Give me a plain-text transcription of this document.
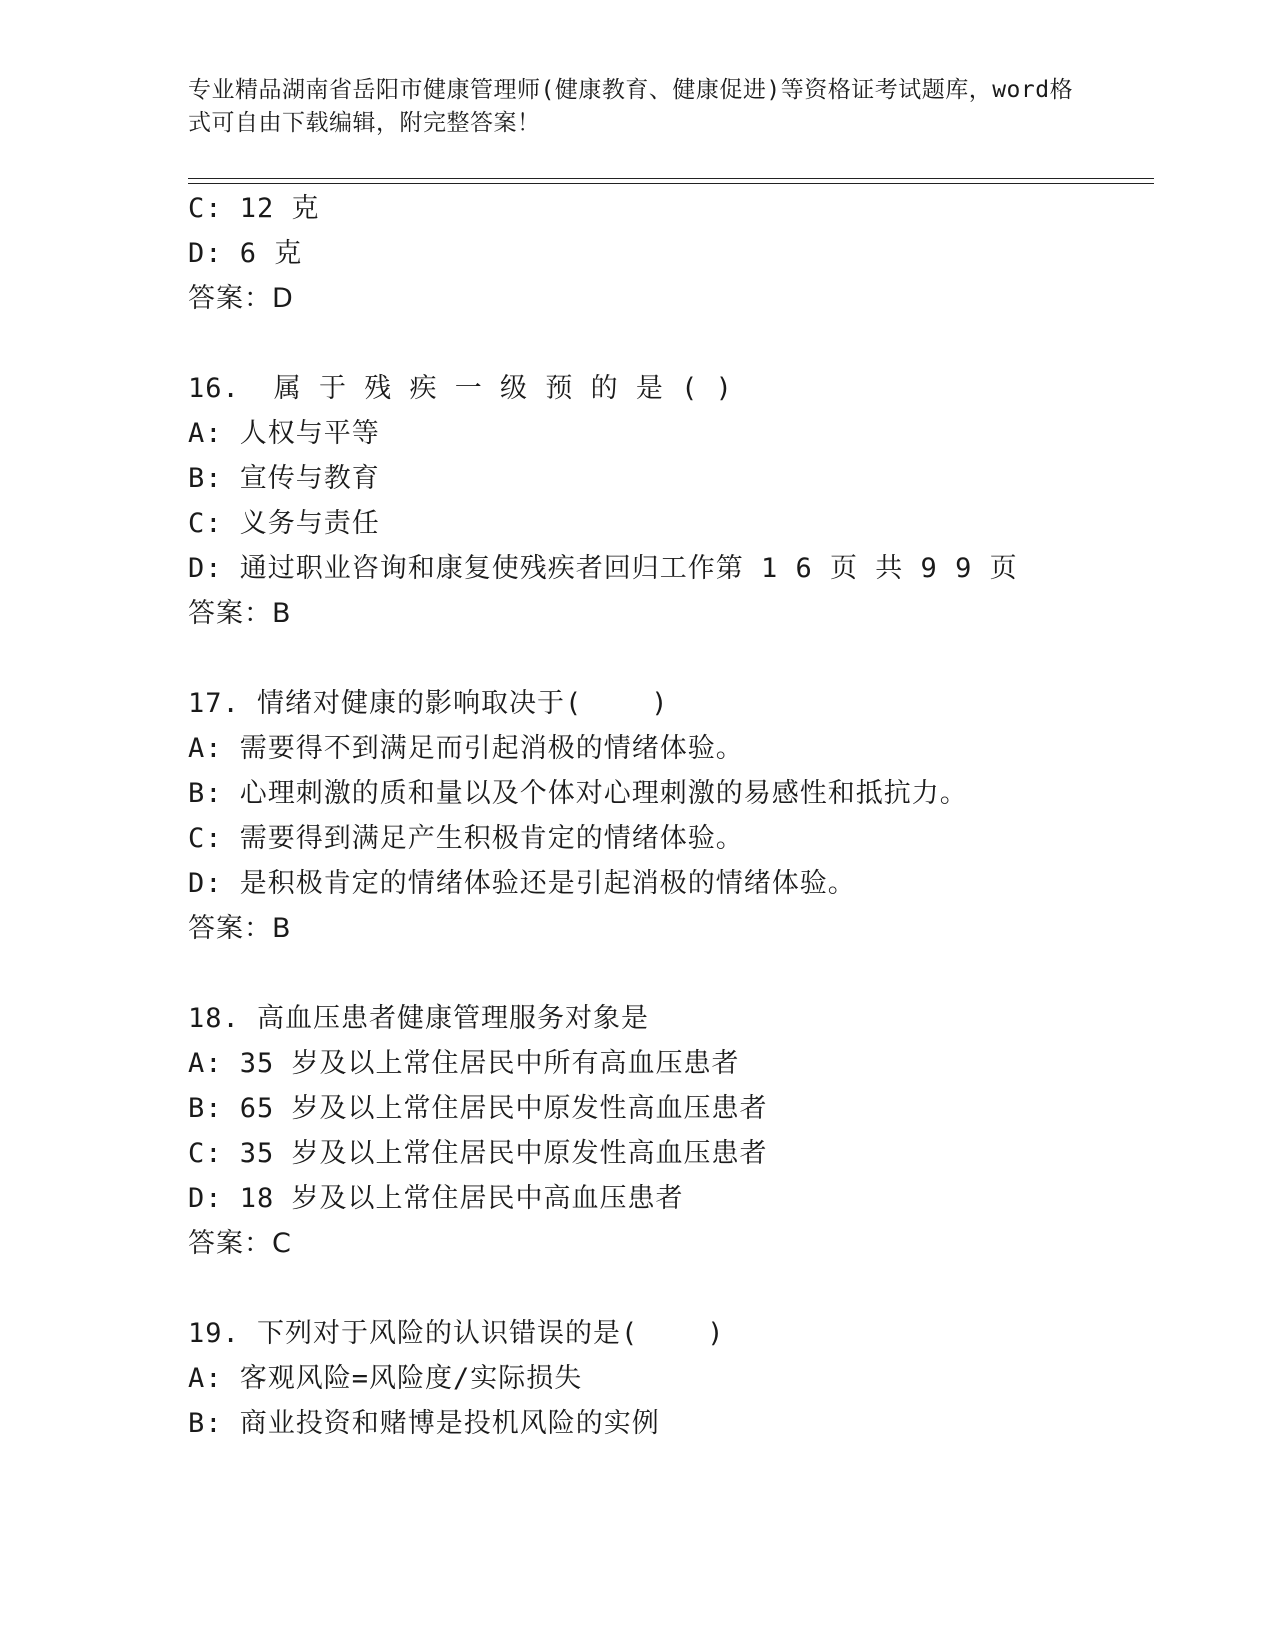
专业精品湖南省岳阳市健康管理师(健康教育、健康促进)等资格证考试题库，word格式可自由下载编辑，附完整答案！
C: 12 克
D: 6 克
答案：D
16. 属 于 残 疾 一 级 预 的 是 ( )
A: 人权与平等
B: 宣传与教育
C: 义务与责任
D: 通过职业咨询和康复使残疾者回归工作第 1 6 页 共 9 9 页
答案：B
17. 情绪对健康的影响取决于(    )
A: 需要得不到满足而引起消极的情绪体验。
B: 心理刺激的质和量以及个体对心理刺激的易感性和抵抗力。
C: 需要得到满足产生积极肯定的情绪体验。
D: 是积极肯定的情绪体验还是引起消极的情绪体验。
答案：B
18. 高血压患者健康管理服务对象是
A: 35 岁及以上常住居民中所有高血压患者
B: 65 岁及以上常住居民中原发性高血压患者
C: 35 岁及以上常住居民中原发性高血压患者
D: 18 岁及以上常住居民中高血压患者
答案：C
19. 下列对于风险的认识错误的是(    )
A: 客观风险=风险度/实际损失
B: 商业投资和赌博是投机风险的实例
